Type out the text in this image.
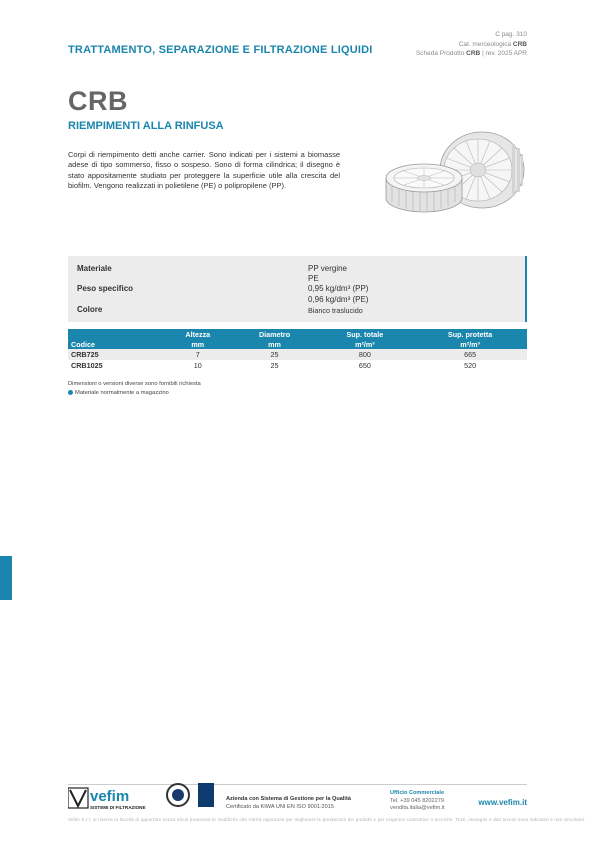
TRATTAMENTO, SEPARAZIONE E FILTRAZIONE LIQUIDI
C pag. 310
Cat. merceologica CRB
Scheda Prodotto CRB | rev. 2025 APR
CRB
RIEMPIMENTI ALLA RINFUSA

Corpi di riempimento detti anche carrier. Sono indicati per i sistemi a biomasse adese di tipo sommerso, fisso o sospeso. Sono di forma cilindrica; il disegno è stato appositamente studiato per proteggere la superficie utile alla crescita del biofilm. Vengono realizzati in polietilene (PE) o polipropilene (PP).

Materiale	PP vergine
PE
Peso specifico	0,95 kg/dm³ (PP)
0,96 kg/dm³ (PE)
Colore	Bianco traslucido
	Altezza	Diametro	Sup. totale	Sup. protetta
Codice	mm	mm	m²/m³	m²/m³
CRB725	7	25	800	665
CRB1025	10	25	650	520
Dimensioni o versioni diverse sono fornibili richiesta
Materiale normalmente a magazzino
vefim
SISTEMI DI FILTRAZIONE
Azienda con Sistema di Gestione per la Qualità
Certificato da KIWA UNI EN ISO 9001:2015
Ufficio Commerciale
Tel. +39 045 8202279
vendita.italia@vefim.it
www.vefim.it
Vefim S.r.l. si riserva la facoltà di apportare senza alcun preavviso le modifiche che riterrà opportune per migliorare le prestazioni dei prodotti e per esigenze costruttive o tecniche. Testi, immagini e dati tecnici sono indicativi e non vincolanti.
